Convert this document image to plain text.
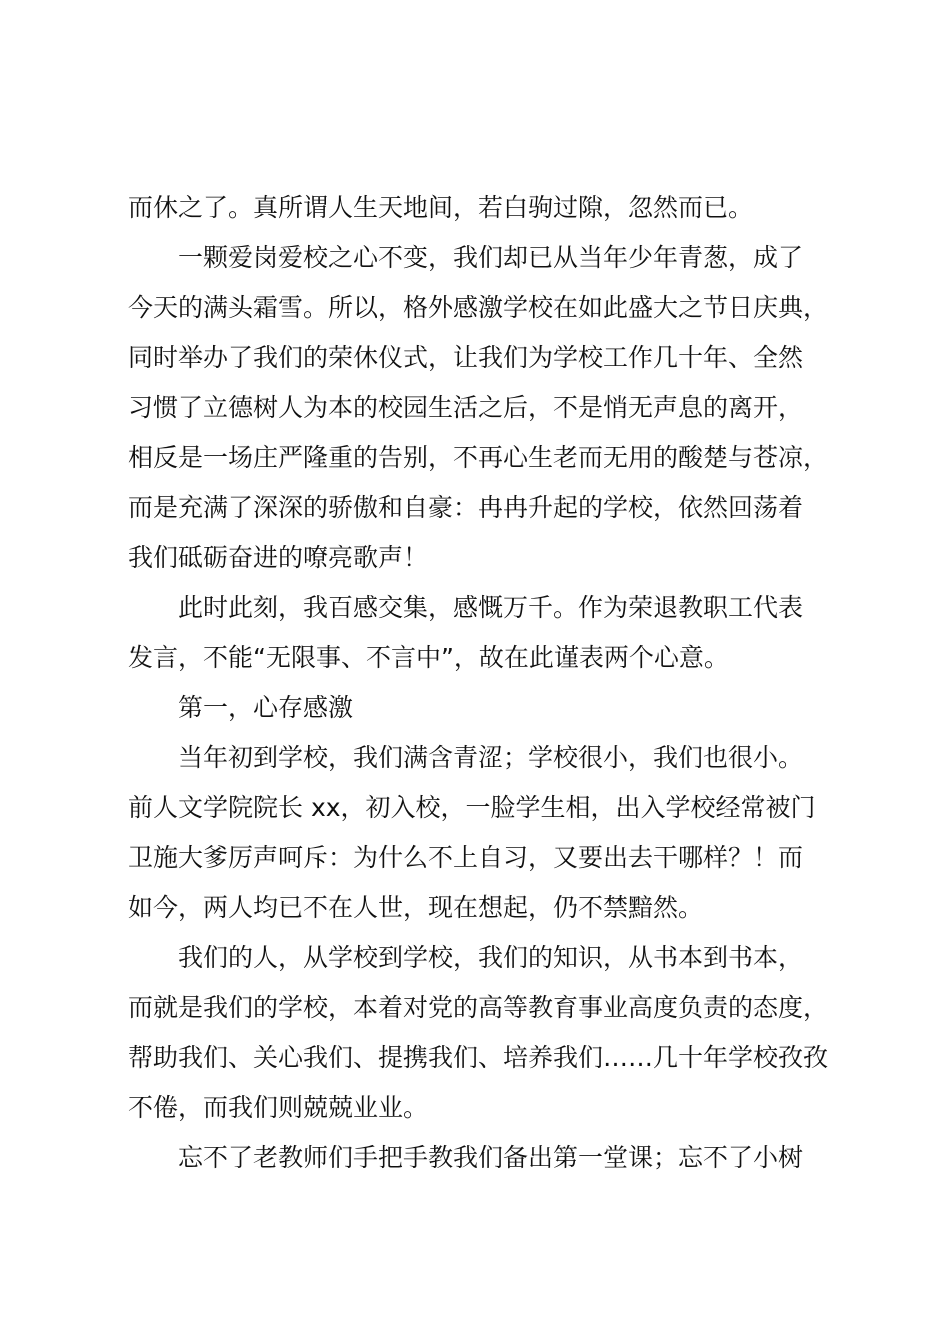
而休之了。真所谓人生天地间，若白驹过隙，忽然而已。
一颗爱岗爱校之心不变，我们却已从当年少年青葱，成了
今天的满头霜雪。所以，格外感激学校在如此盛大之节日庆典，
同时举办了我们的荣休仪式，让我们为学校工作几十年、全然
习惯了立德树人为本的校园生活之后，不是悄无声息的离开，
相反是一场庄严隆重的告别，不再心生老而无用的酸楚与苍凉，
而是充满了深深的骄傲和自豪：冉冉升起的学校，依然回荡着
我们砥砺奋进的嘹亮歌声！
此时此刻，我百感交集，感慨万千。作为荣退教职工代表
发言，不能“无限事、不言中”，故在此谨表两个心意。
第一，心存感激
当年初到学校，我们满含青涩；学校很小，我们也很小。
前人文学院院长 xx，初入校，一脸学生相，出入学校经常被门
卫施大爹厉声呵斥：为什么不上自习，又要出去干哪样？！而
如今，两人均已不在人世，现在想起，仍不禁黯然。
我们的人，从学校到学校，我们的知识，从书本到书本，
而就是我们的学校，本着对党的高等教育事业高度负责的态度，
帮助我们、关心我们、提携我们、培养我们……几十年学校孜孜
不倦，而我们则兢兢业业。
忘不了老教师们手把手教我们备出第一堂课；忘不了小树
